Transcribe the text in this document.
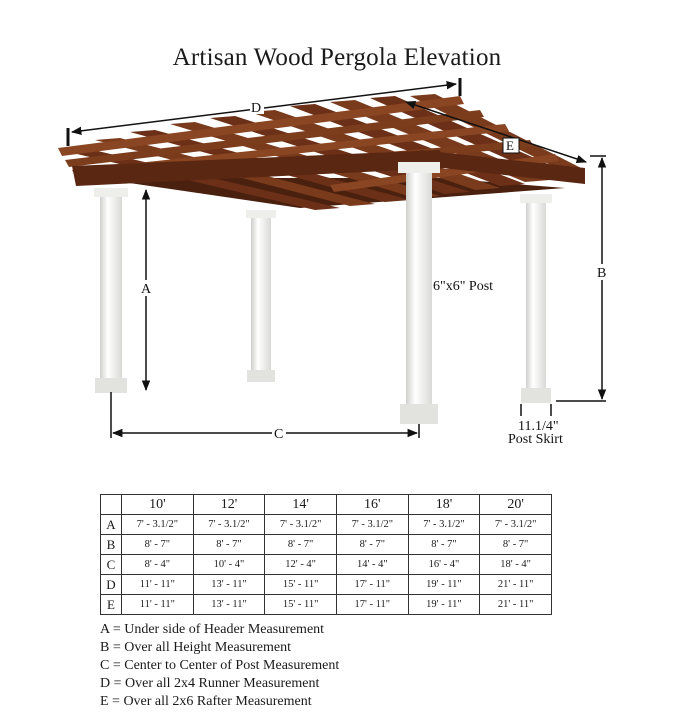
Artisan Wood Pergola Elevation
D
E
A
B
C
6"x6" Post
11.1/4"
Post Skirt
	10'	12'	14'	16'	18'	20'
A	7' - 3.1/2"	7' - 3.1/2"	7' - 3.1/2"	7' - 3.1/2"	7' - 3.1/2"	7' - 3.1/2"
B	8' - 7"	8' - 7"	8' - 7"	8' - 7"	8' - 7"	8' - 7"
C	8' - 4"	10' - 4"	12' - 4"	14' - 4"	16' - 4"	18' - 4"
D	11' - 11"	13' - 11"	15' - 11"	17' - 11"	19' - 11"	21' - 11"
E	11' - 11"	13' - 11"	15' - 11"	17' - 11"	19' - 11"	21' - 11"
A = Under side of Header Measurement
B = Over all Height Measurement
C = Center to Center of Post Measurement
D = Over all 2x4 Runner Measurement
E = Over all 2x6 Rafter Measurement
